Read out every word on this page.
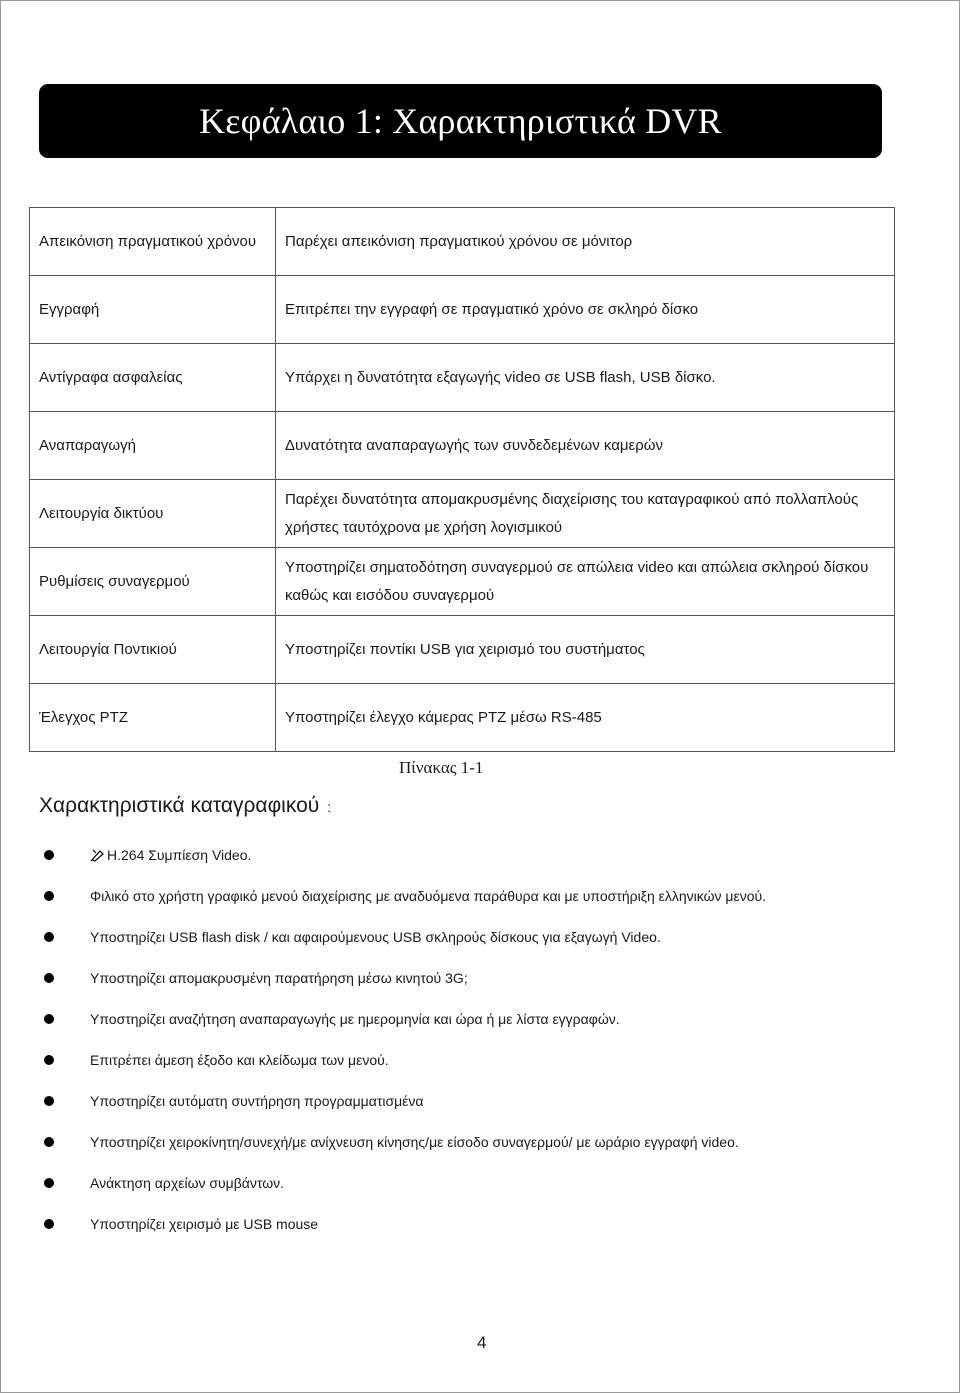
Κεφάλαιο 1: Χαρακτηριστικά DVR
Απεικόνιση πραγματικού χρόνου	Παρέχει απεικόνιση πραγματικού χρόνου σε μόνιτορ
Εγγραφή	Επιτρέπει την εγγραφή σε πραγματικό χρόνο σε σκληρό δίσκο
Αντίγραφα ασφαλείας	Υπάρχει η δυνατότητα εξαγωγής video σε USB flash, USB δίσκο.
Αναπαραγωγή	Δυνατότητα αναπαραγωγής των συνδεδεμένων καμερών
Λειτουργία δικτύου	Παρέχει δυνατότητα απομακρυσμένης διαχείρισης του καταγραφικού από πολλαπλούς χρήστες ταυτόχρονα με χρήση λογισμικού
Ρυθμίσεις συναγερμού	Υποστηρίζει σηματοδότηση συναγερμού σε απώλεια video και απώλεια σκληρού δίσκου καθώς και εισόδου συναγερμού
Λειτουργία Ποντικιού	Υποστηρίζει ποντίκι USB για χειρισμό του συστήματος
Έλεγχος PTZ	Υποστηρίζει έλεγχο κάμερας PTZ μέσω RS-485
Πίνακας 1-1
Χαρακτηριστικά καταγραφικού :
H.264 Συμπίεση Video.
Φιλικό στο χρήστη γραφικό μενού διαχείρισης με αναδυόμενα παράθυρα και με υποστήριξη ελληνικών μενού.
Υποστηρίζει USB flash disk / και αφαιρούμενους USB σκληρούς δίσκους για εξαγωγή Video.
Υποστηρίζει απομακρυσμένη παρατήρηση μέσω κινητού 3G;
Υποστηρίζει αναζήτηση αναπαραγωγής με ημερομηνία και ώρα ή με λίστα εγγραφών.
Επιτρέπει άμεση έξοδο και κλείδωμα των μενού.
Υποστηρίζει αυτόματη συντήρηση προγραμματισμένα
Υποστηρίζει χειροκίνητη/συνεχή/με ανίχνευση κίνησης/με είσοδο συναγερμού/ με ωράριο εγγραφή video.
Ανάκτηση αρχείων συμβάντων.
Υποστηρίζει χειρισμό με USB mouse
4
